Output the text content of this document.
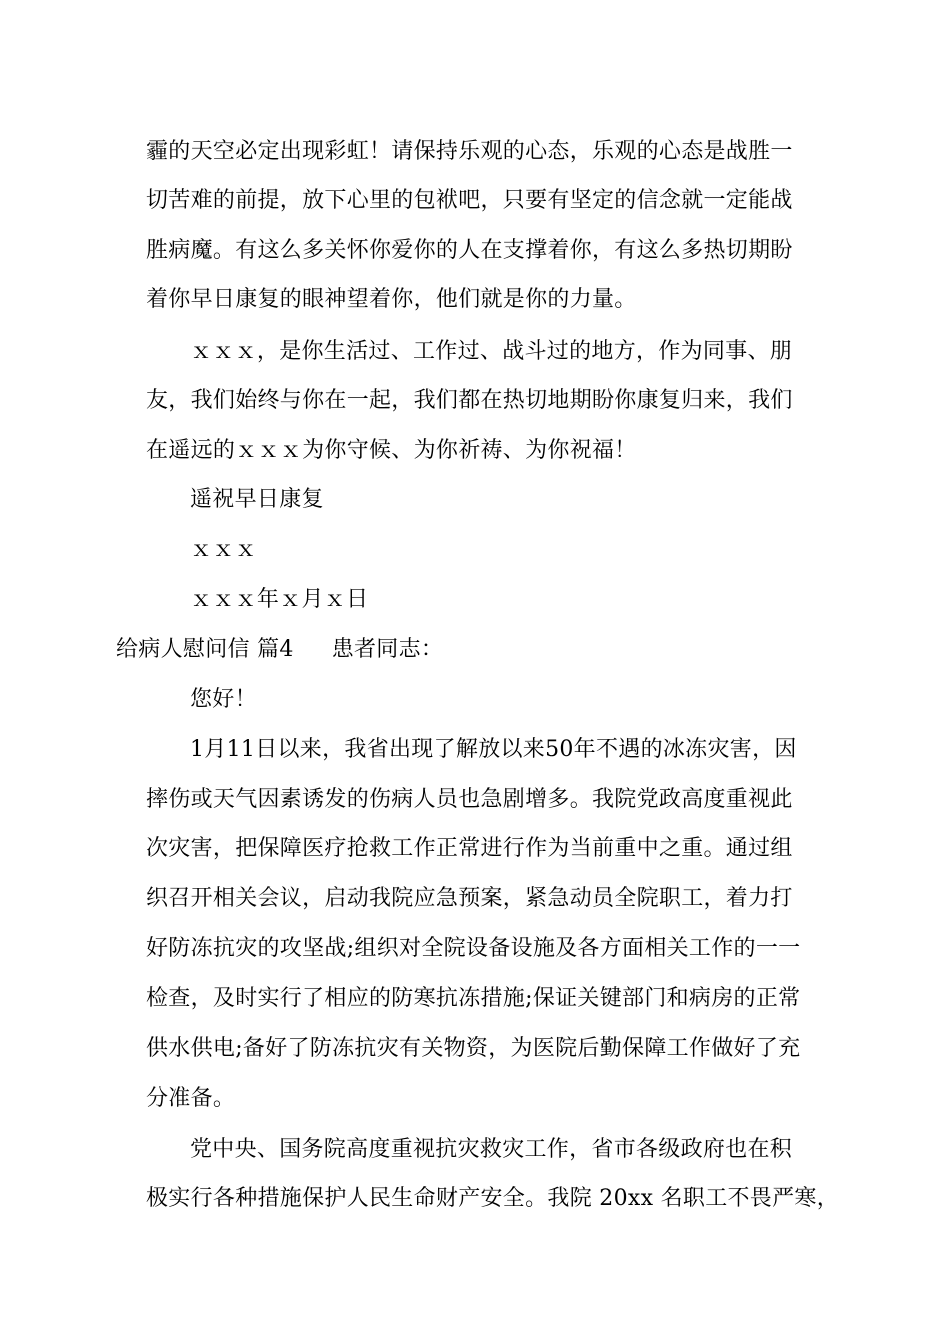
霾的天空必定出现彩虹！请保持乐观的心态，乐观的心态是战胜一
切苦难的前提，放下心里的包袱吧，只要有坚定的信念就一定能战
胜病魔。有这么多关怀你爱你的人在支撑着你，有这么多热切期盼
着你早日康复的眼神望着你，他们就是你的力量。
ｘｘｘ，是你生活过、工作过、战斗过的地方，作为同事、朋
友，我们始终与你在一起，我们都在热切地期盼你康复归来，我们
在遥远的ｘｘｘ为你守候、为你祈祷、为你祝福！
遥祝早日康复
ｘｘｘ
ｘｘｘ年ｘ月ｘ日
给病人慰问信 篇4 患者同志：
您好！
1月11日以来，我省出现了解放以来50年不遇的冰冻灾害，因
摔伤或天气因素诱发的伤病人员也急剧增多。我院党政高度重视此
次灾害，把保障医疗抢救工作正常进行作为当前重中之重。通过组
织召开相关会议，启动我院应急预案，紧急动员全院职工，着力打
好防冻抗灾的攻坚战;组织对全院设备设施及各方面相关工作的一一
检查，及时实行了相应的防寒抗冻措施;保证关键部门和病房的正常
供水供电;备好了防冻抗灾有关物资，为医院后勤保障工作做好了充
分准备。
党中央、国务院高度重视抗灾救灾工作，省市各级政府也在积
极实行各种措施保护人民生命财产安全。我院 20xx 名职工不畏严寒，
